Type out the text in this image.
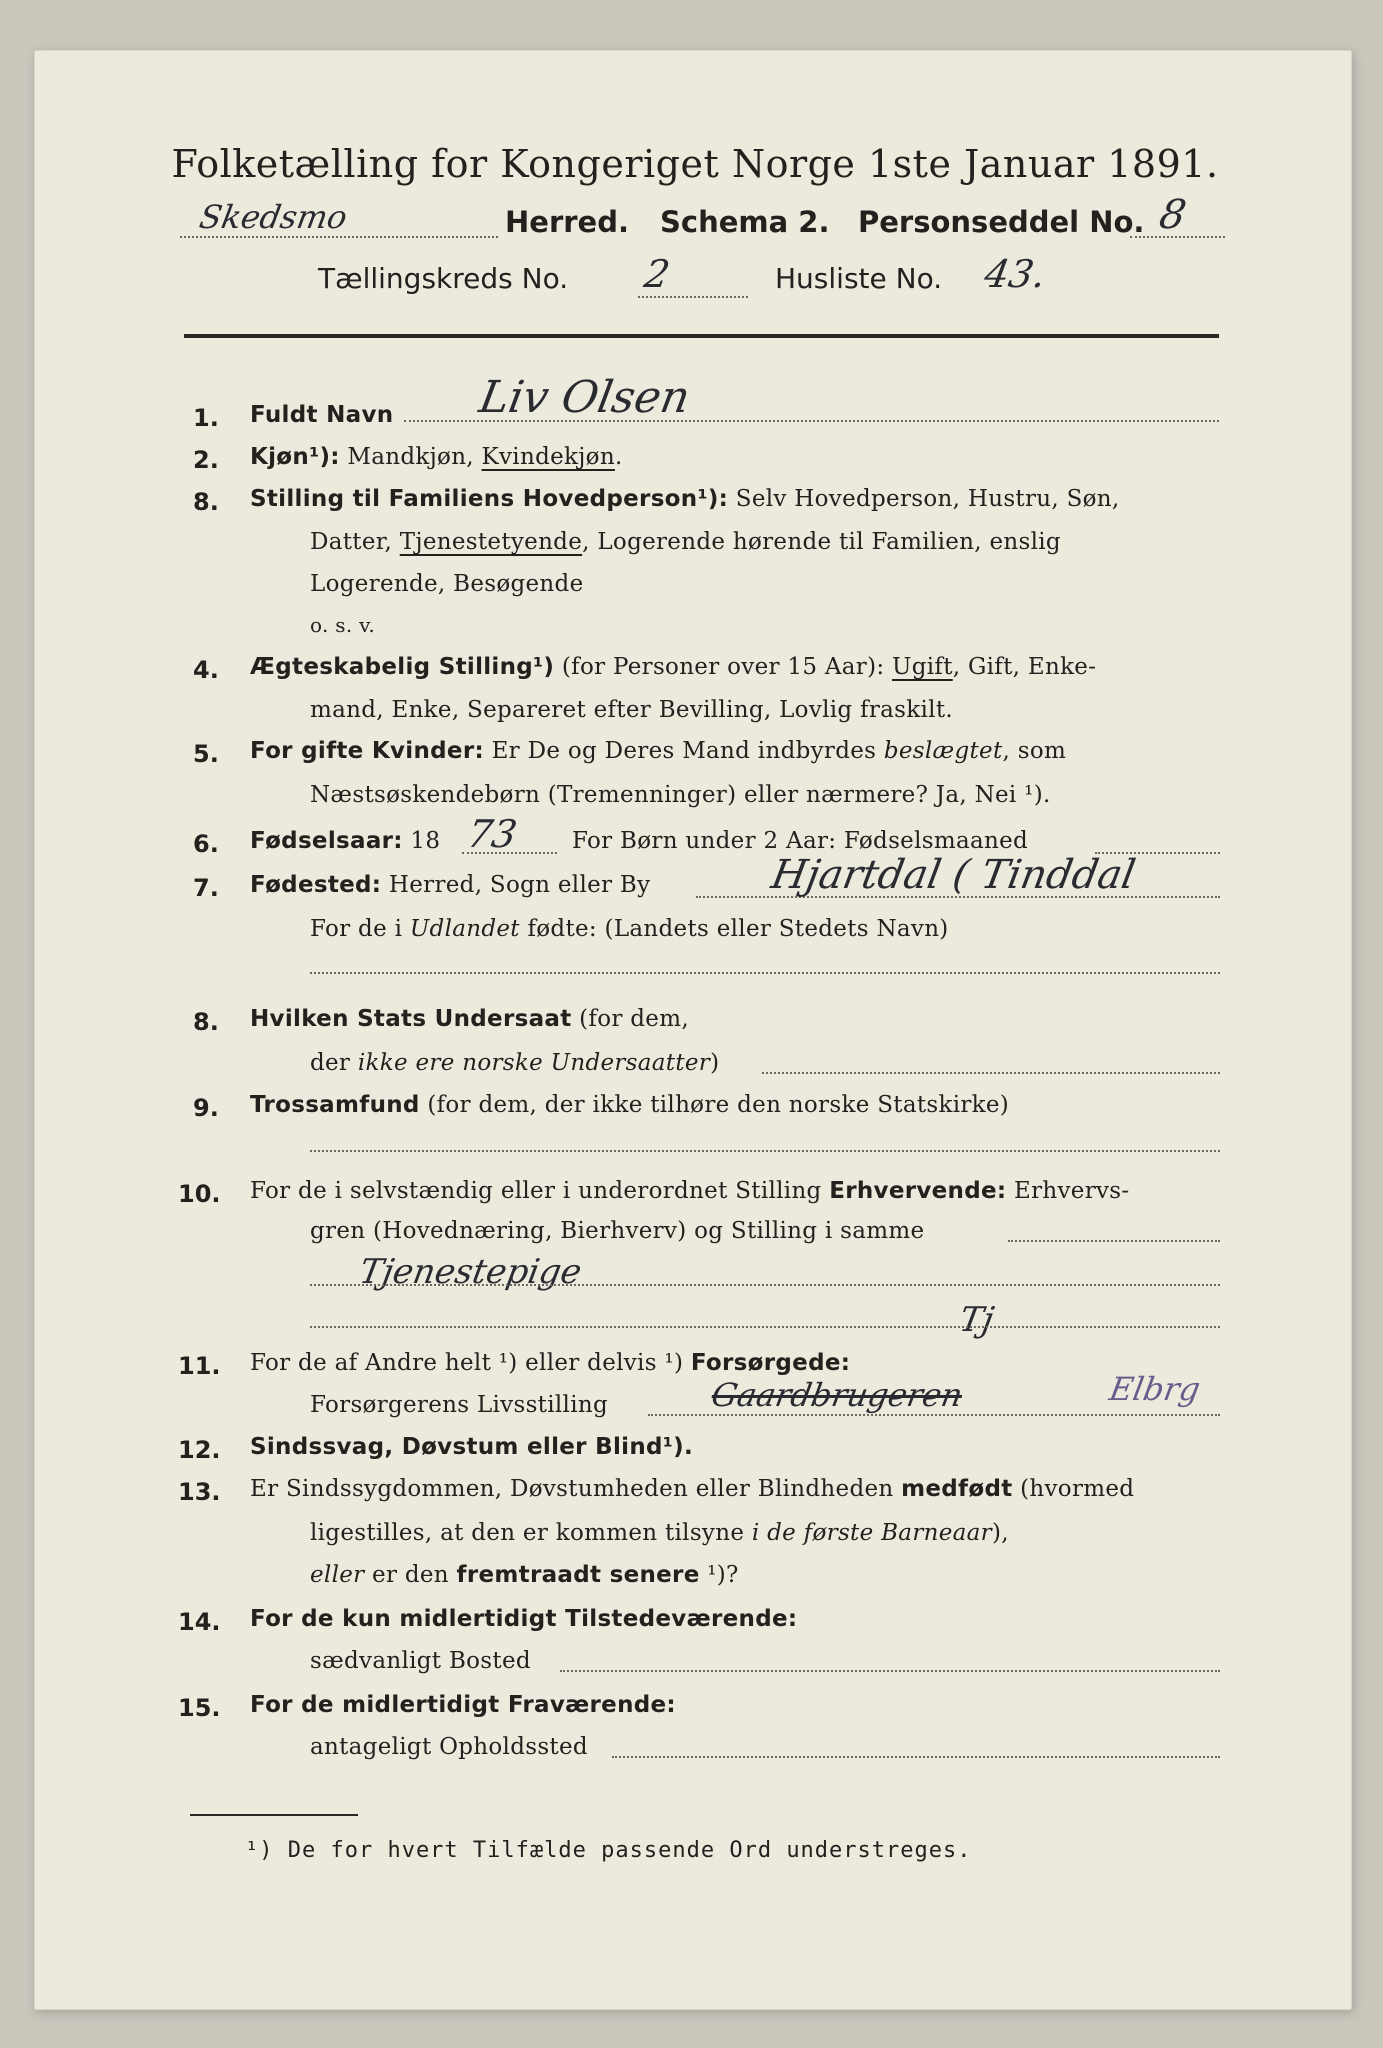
Folketælling for Kongeriget Norge 1ste Januar 1891.
Skedsmo	Herred. Schema 2. Personseddel No. 8
Tællingskreds No. 2	Husliste No. 43.
1. Fuldt Navn Liv Olsen
2. Kjøn¹): Mandkjøn, Kvindekjøn.
8. Stilling til Familiens Hovedperson¹): Selv Hovedperson, Hustru, Søn,
Datter, Tjenestetyende, Logerende hørende til Familien, enslig
Logerende, Besøgende
o. s. v.
4. Ægteskabelig Stilling¹) (for Personer over 15 Aar): Ugift, Gift, Enke-
mand, Enke, Separeret efter Bevilling, Lovlig fraskilt.
5. For gifte Kvinder: Er De og Deres Mand indbyrdes beslægtet, som
Næstsøskendebørn (Tremenninger) eller nærmere? Ja, Nei ¹).
6. Fødselsaar: 18 73 For Børn under 2 Aar: Fødselsmaaned
7. Fødested: Herred, Sogn eller By	Hjartdal ( Tinddal
For de i Udlandet fødte: (Landets eller Stedets Navn)
8. Hvilken Stats Undersaat (for dem,
der ikke ere norske Undersaatter)
9. Trossamfund (for dem, der ikke tilhøre den norske Statskirke)
10. For de i selvstændig eller i underordnet Stilling Erhvervende: Erhvervs-
gren (Hovednæring, Bierhverv) og Stilling i samme
Tjenestepige
Tj
11. For de af Andre helt ¹) eller delvis ¹) Forsørgede:
Forsørgerens Livsstilling	Gaardbrugeren	Elbrg
12. Sindssvag, Døvstum eller Blind¹).
13. Er Sindssygdommen, Døvstumheden eller Blindheden medfødt (hvormed
ligestilles, at den er kommen tilsyne i de første Barneaar),
eller er den fremtraadt senere ¹)?
14. For de kun midlertidigt Tilstedeværende:
sædvanligt Bosted
15. For de midlertidigt Fraværende:
antageligt Opholdssted
¹) De for hvert Tilfælde passende Ord understreges.
